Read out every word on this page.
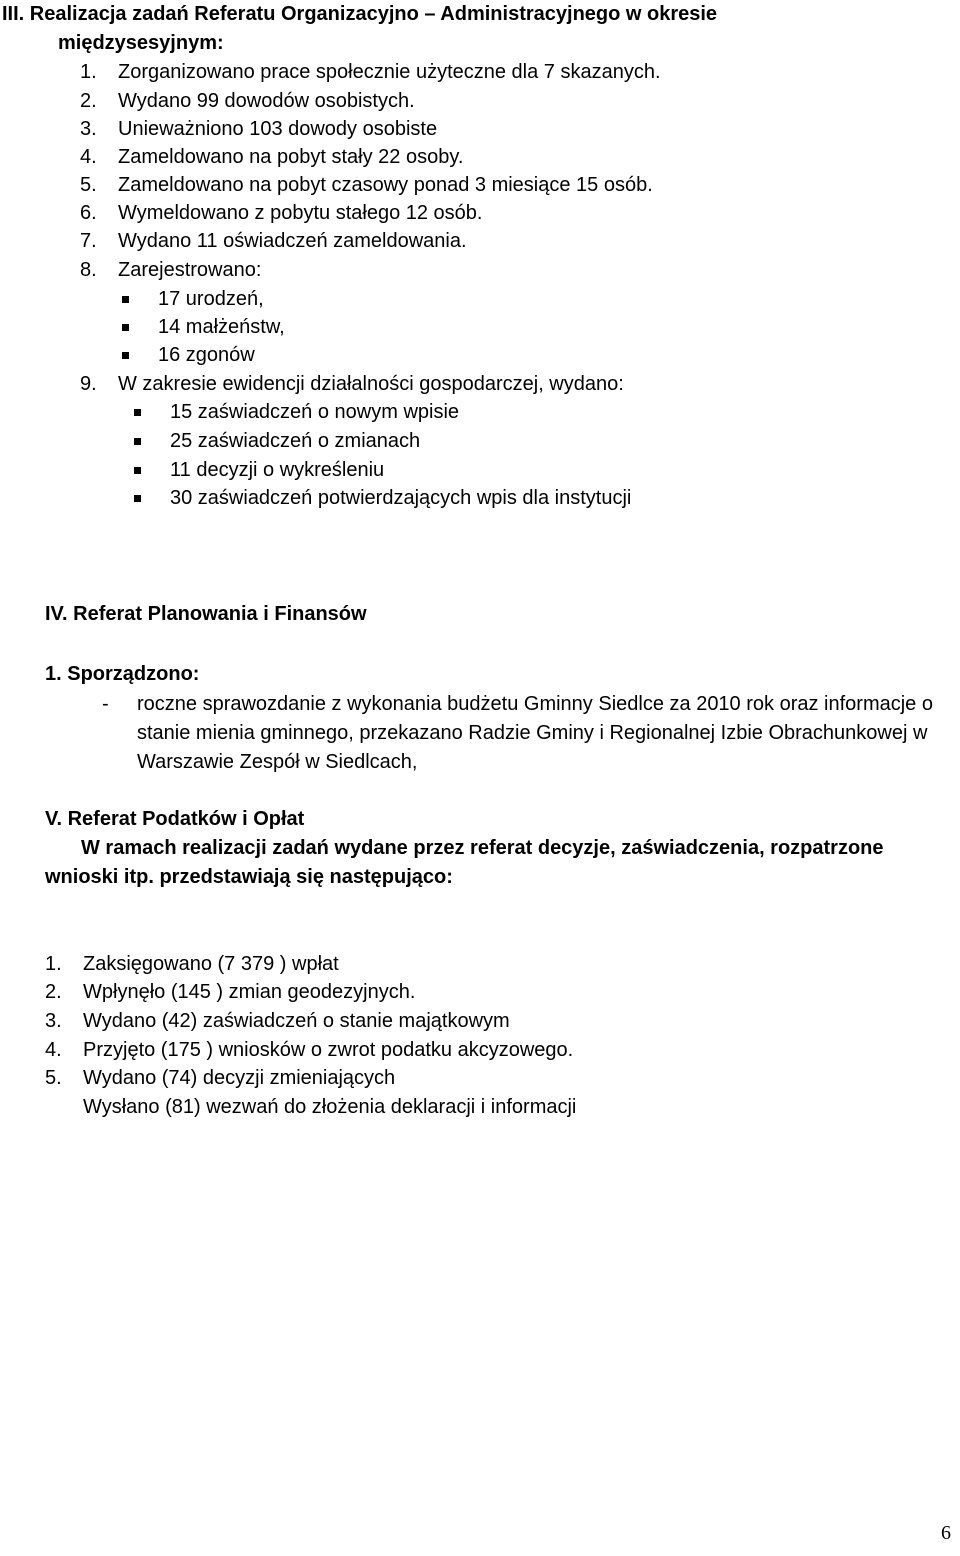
III. Realizacja zadań Referatu Organizacyjno – Administracyjnego w okresie
międzysesyjnym:
1. Zorganizowano prace społecznie użyteczne dla 7 skazanych.
2. Wydano 99 dowodów osobistych.
3. Unieważniono 103 dowody osobiste
4. Zameldowano na pobyt stały 22 osoby.
5. Zameldowano na pobyt czasowy ponad 3 miesiące 15 osób.
6. Wymeldowano z pobytu stałego 12 osób.
7. Wydano 11 oświadczeń zameldowania.
8. Zarejestrowano:
17 urodzeń,
14 małżeństw,
16 zgonów
9. W zakresie ewidencji działalności gospodarczej, wydano:
15 zaświadczeń o nowym wpisie
25 zaświadczeń o zmianach
11 decyzji o wykreśleniu
30 zaświadczeń potwierdzających wpis dla instytucji
IV. Referat Planowania i Finansów
1. Sporządzono:
- roczne sprawozdanie z wykonania budżetu Gminny Siedlce za 2010 rok oraz informacje o
stanie mienia gminnego, przekazano Radzie Gminy i Regionalnej Izbie Obrachunkowej w
Warszawie Zespół w Siedlcach,
V. Referat Podatków i Opłat
W ramach realizacji zadań wydane przez referat decyzje, zaświadczenia, rozpatrzone
wnioski itp. przedstawiają się następująco:
1. Zaksięgowano (7 379 ) wpłat
2. Wpłynęło (145 ) zmian geodezyjnych.
3. Wydano (42) zaświadczeń o stanie majątkowym
4. Przyjęto (175 ) wniosków o zwrot podatku akcyzowego.
5. Wydano (74) decyzji zmieniających
Wysłano (81) wezwań do złożenia deklaracji i informacji
6
